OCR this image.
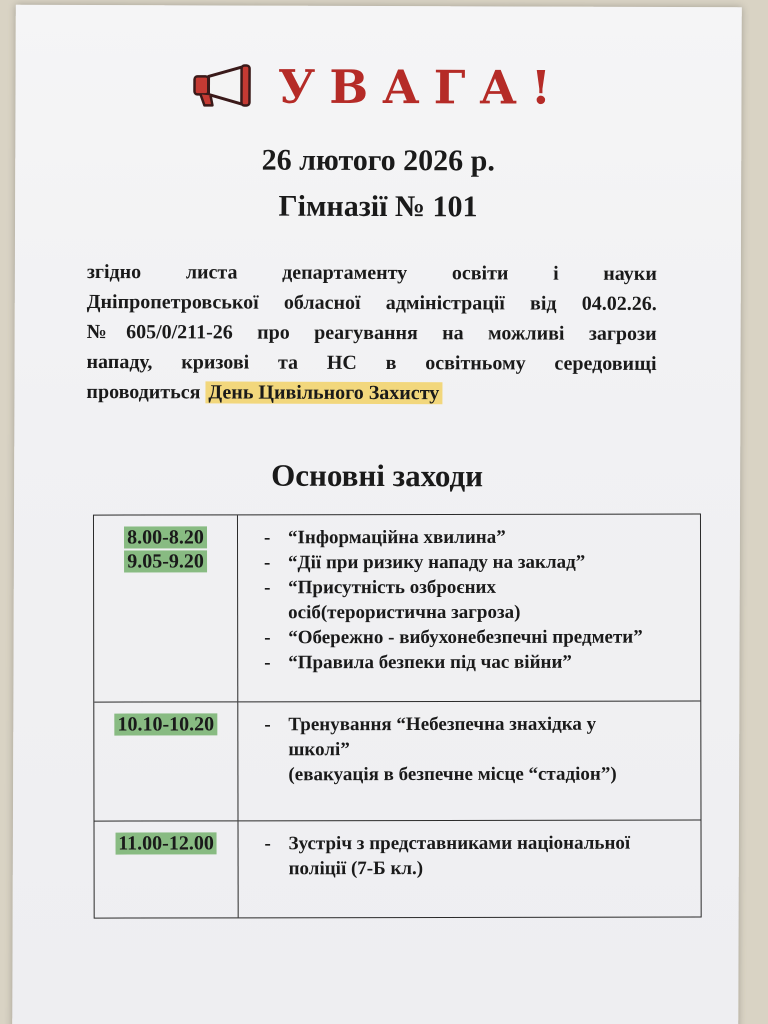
УВАГА!
26 лютого 2026 р.
Гімназії № 101

згідно листа департаменту освіти і науки

Дніпропетровської обласної адміністрації від 04.02.26.

№605/0/211-26 про реагування на можливі загрози

нападу, кризові та НС в освітньому середовищі

проводиться День Цивільного Захисту
Основні заходи
8.00-8.20
9.05-9.20
- “Інформаційна хвилина”
- “Дії при ризику нападу на заклад”
- “Присутність озброєних
осіб(терористична загроза)
- “Обережно - вибухонебезпечні предмети”
- “Правила безпеки під час війни”
10.10-10.20	- Тренування “Небезпечна знахідка у
школі”
(евакуація в безпечне місце “стадіон”)
11.00-12.00	- Зустріч з представниками національної
поліції (7-Б кл.)
